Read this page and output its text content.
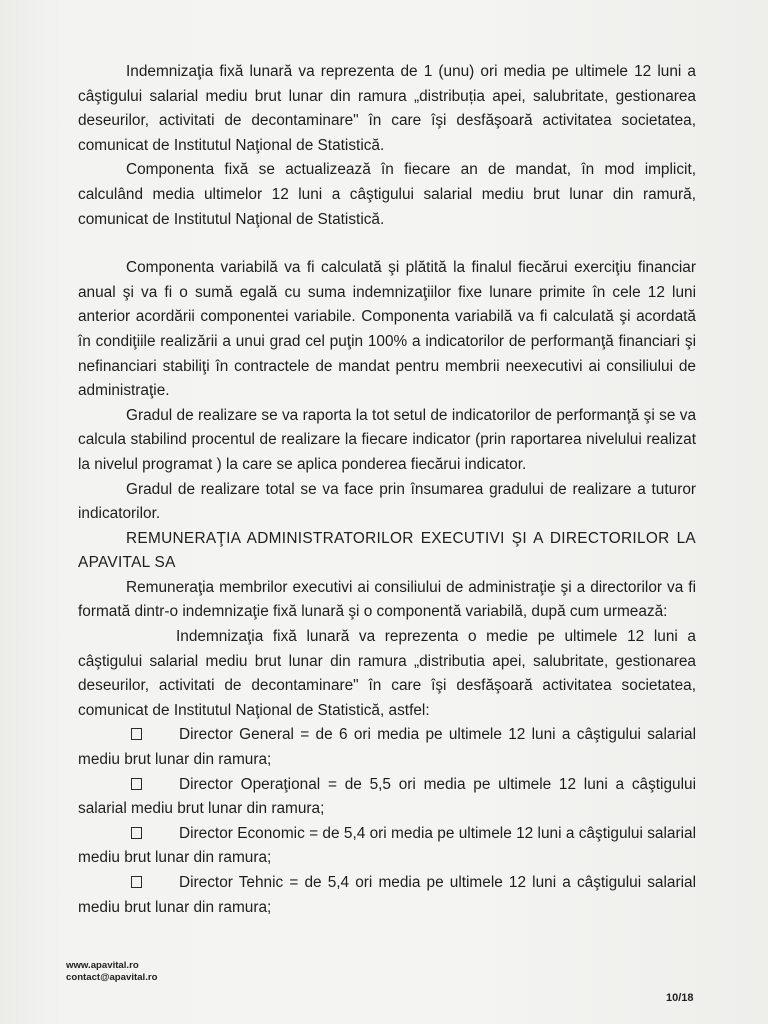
Indemnizaţia fixă lunară va reprezenta de 1 (unu) ori media pe ultimele 12 luni a câştigului salarial mediu brut lunar din ramura „distribuția apei, salubritate, gestionarea deseurilor, activitati de decontaminare" în care îşi desfăşoară activitatea societatea, comunicat de Institutul Naţional de Statistică.

Componenta fixă se actualizează în fiecare an de mandat, în mod implicit, calculând media ultimelor 12 luni a câştigului salarial mediu brut lunar din ramură, comunicat de Institutul Naţional de Statistică.

Componenta variabilă va fi calculată şi plătită la finalul fiecărui exerciţiu financiar anual şi va fi o sumă egală cu suma indemnizaţiilor fixe lunare primite în cele 12 luni anterior acordării componentei variabile. Componenta variabilă va fi calculată şi acordată în condiţiile realizării a unui grad cel puţin 100% a indicatorilor de performanţă financiari şi nefinanciari stabiliţi în contractele de mandat pentru membrii neexecutivi ai consiliului de administraţie.

Gradul de realizare se va raporta la tot setul de indicatorilor de performanţă şi se va calcula stabilind procentul de realizare la fiecare indicator (prin raportarea nivelului realizat la nivelul programat ) la care se aplica ponderea fiecărui indicator.

Gradul de realizare total se va face prin însumarea gradului de realizare a tuturor indicatorilor.

REMUNERAŢIA ADMINISTRATORILOR EXECUTIVI ŞI A DIRECTORILOR LA
APAVITAL SA

Remuneraţia membrilor executivi ai consiliului de administraţie şi a directorilor va fi formată dintr-o indemnizaţie fixă lunară şi o componentă variabilă, după cum urmează:

Indemnizaţia fixă lunară va reprezenta o medie pe ultimele 12 luni a câştigului salarial mediu brut lunar din ramura „distributia apei, salubritate, gestionarea deseurilor, activitati de decontaminare" în care îşi desfăşoară activitatea societatea, comunicat de Institutul Naţional de Statistică, astfel:

Director General = de 6 ori media pe ultimele 12 luni a câştigului salarial mediu brut lunar din ramura;

Director Operaţional = de 5,5 ori media pe ultimele 12 luni a câştigului salarial mediu brut lunar din ramura;

Director Economic = de 5,4 ori media pe ultimele 12 luni a câştigului salarial mediu brut lunar din ramura;

Director Tehnic = de 5,4 ori media pe ultimele 12 luni a câştigului salarial mediu brut lunar din ramura;

www.apavital.ro
contact@apavital.ro
10/18
